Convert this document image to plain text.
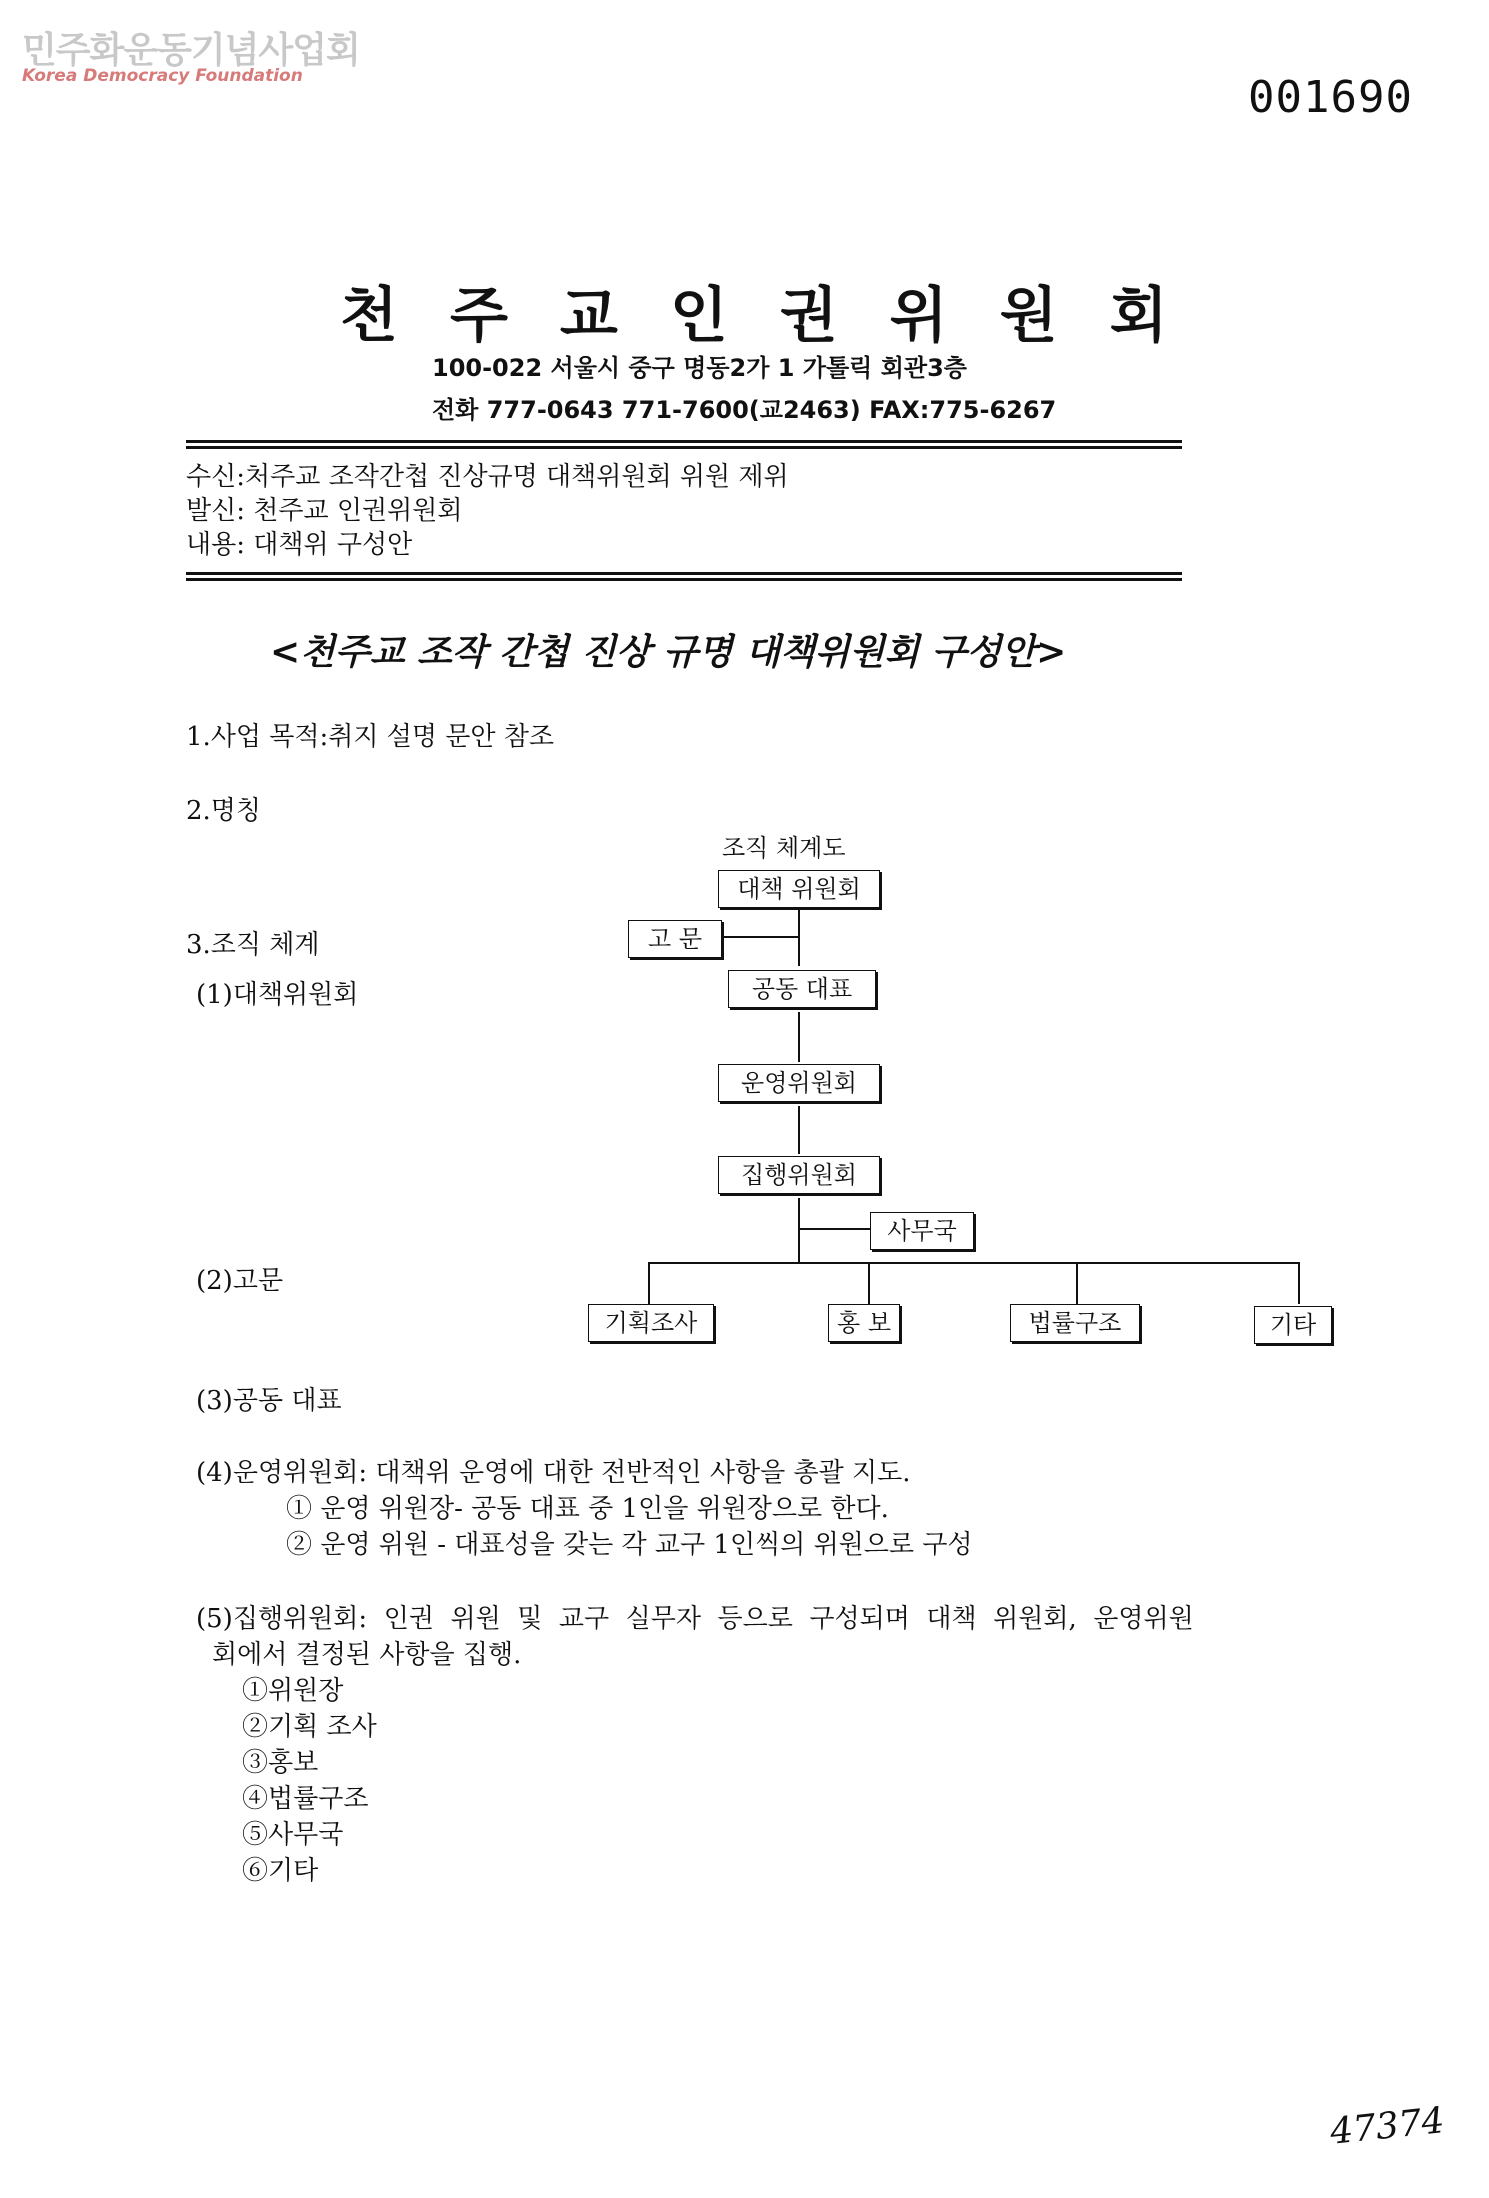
민주화운동기념사업회
Korea Democracy Foundation	001690
천주교인권위원회
100-022 서울시 중구 명동2가 1 가톨릭 회관3층
전화 777-0643 771-7600(교2463) FAX:775-6267
수신:처주교 조작간첩 진상규명 대책위원회 위원 제위
발신: 천주교 인권위원회
내용: 대책위 구성안
<천주교 조작 간첩 진상 규명 대책위원회 구성안>
1.사업 목적:취지 설명 문안 참조
2.명칭
3.조직 체계
(1)대책위원회
(2)고문
(3)공동 대표
(4)운영위원회: 대책위 운영에 대한 전반적인 사항을 총괄 지도.
① 운영 위원장- 공동 대표 중 1인을 위원장으로 한다.
② 운영 위원 - 대표성을 갖는 각 교구 1인씩의 위원으로 구성
(5)집행위원회:  인권  위원  및  교구  실무자  등으로  구성되며  대책  위원회,  운영위원
회에서 결정된 사항을 집행.
①위원장
②기획 조사
③홍보
④법률구조
⑤사무국
⑥기타
조직 체계도
대책 위원회
고 문
공동 대표
운영위원회
집행위원회
사무국
기획조사	홍 보	법률구조	기타
47374
